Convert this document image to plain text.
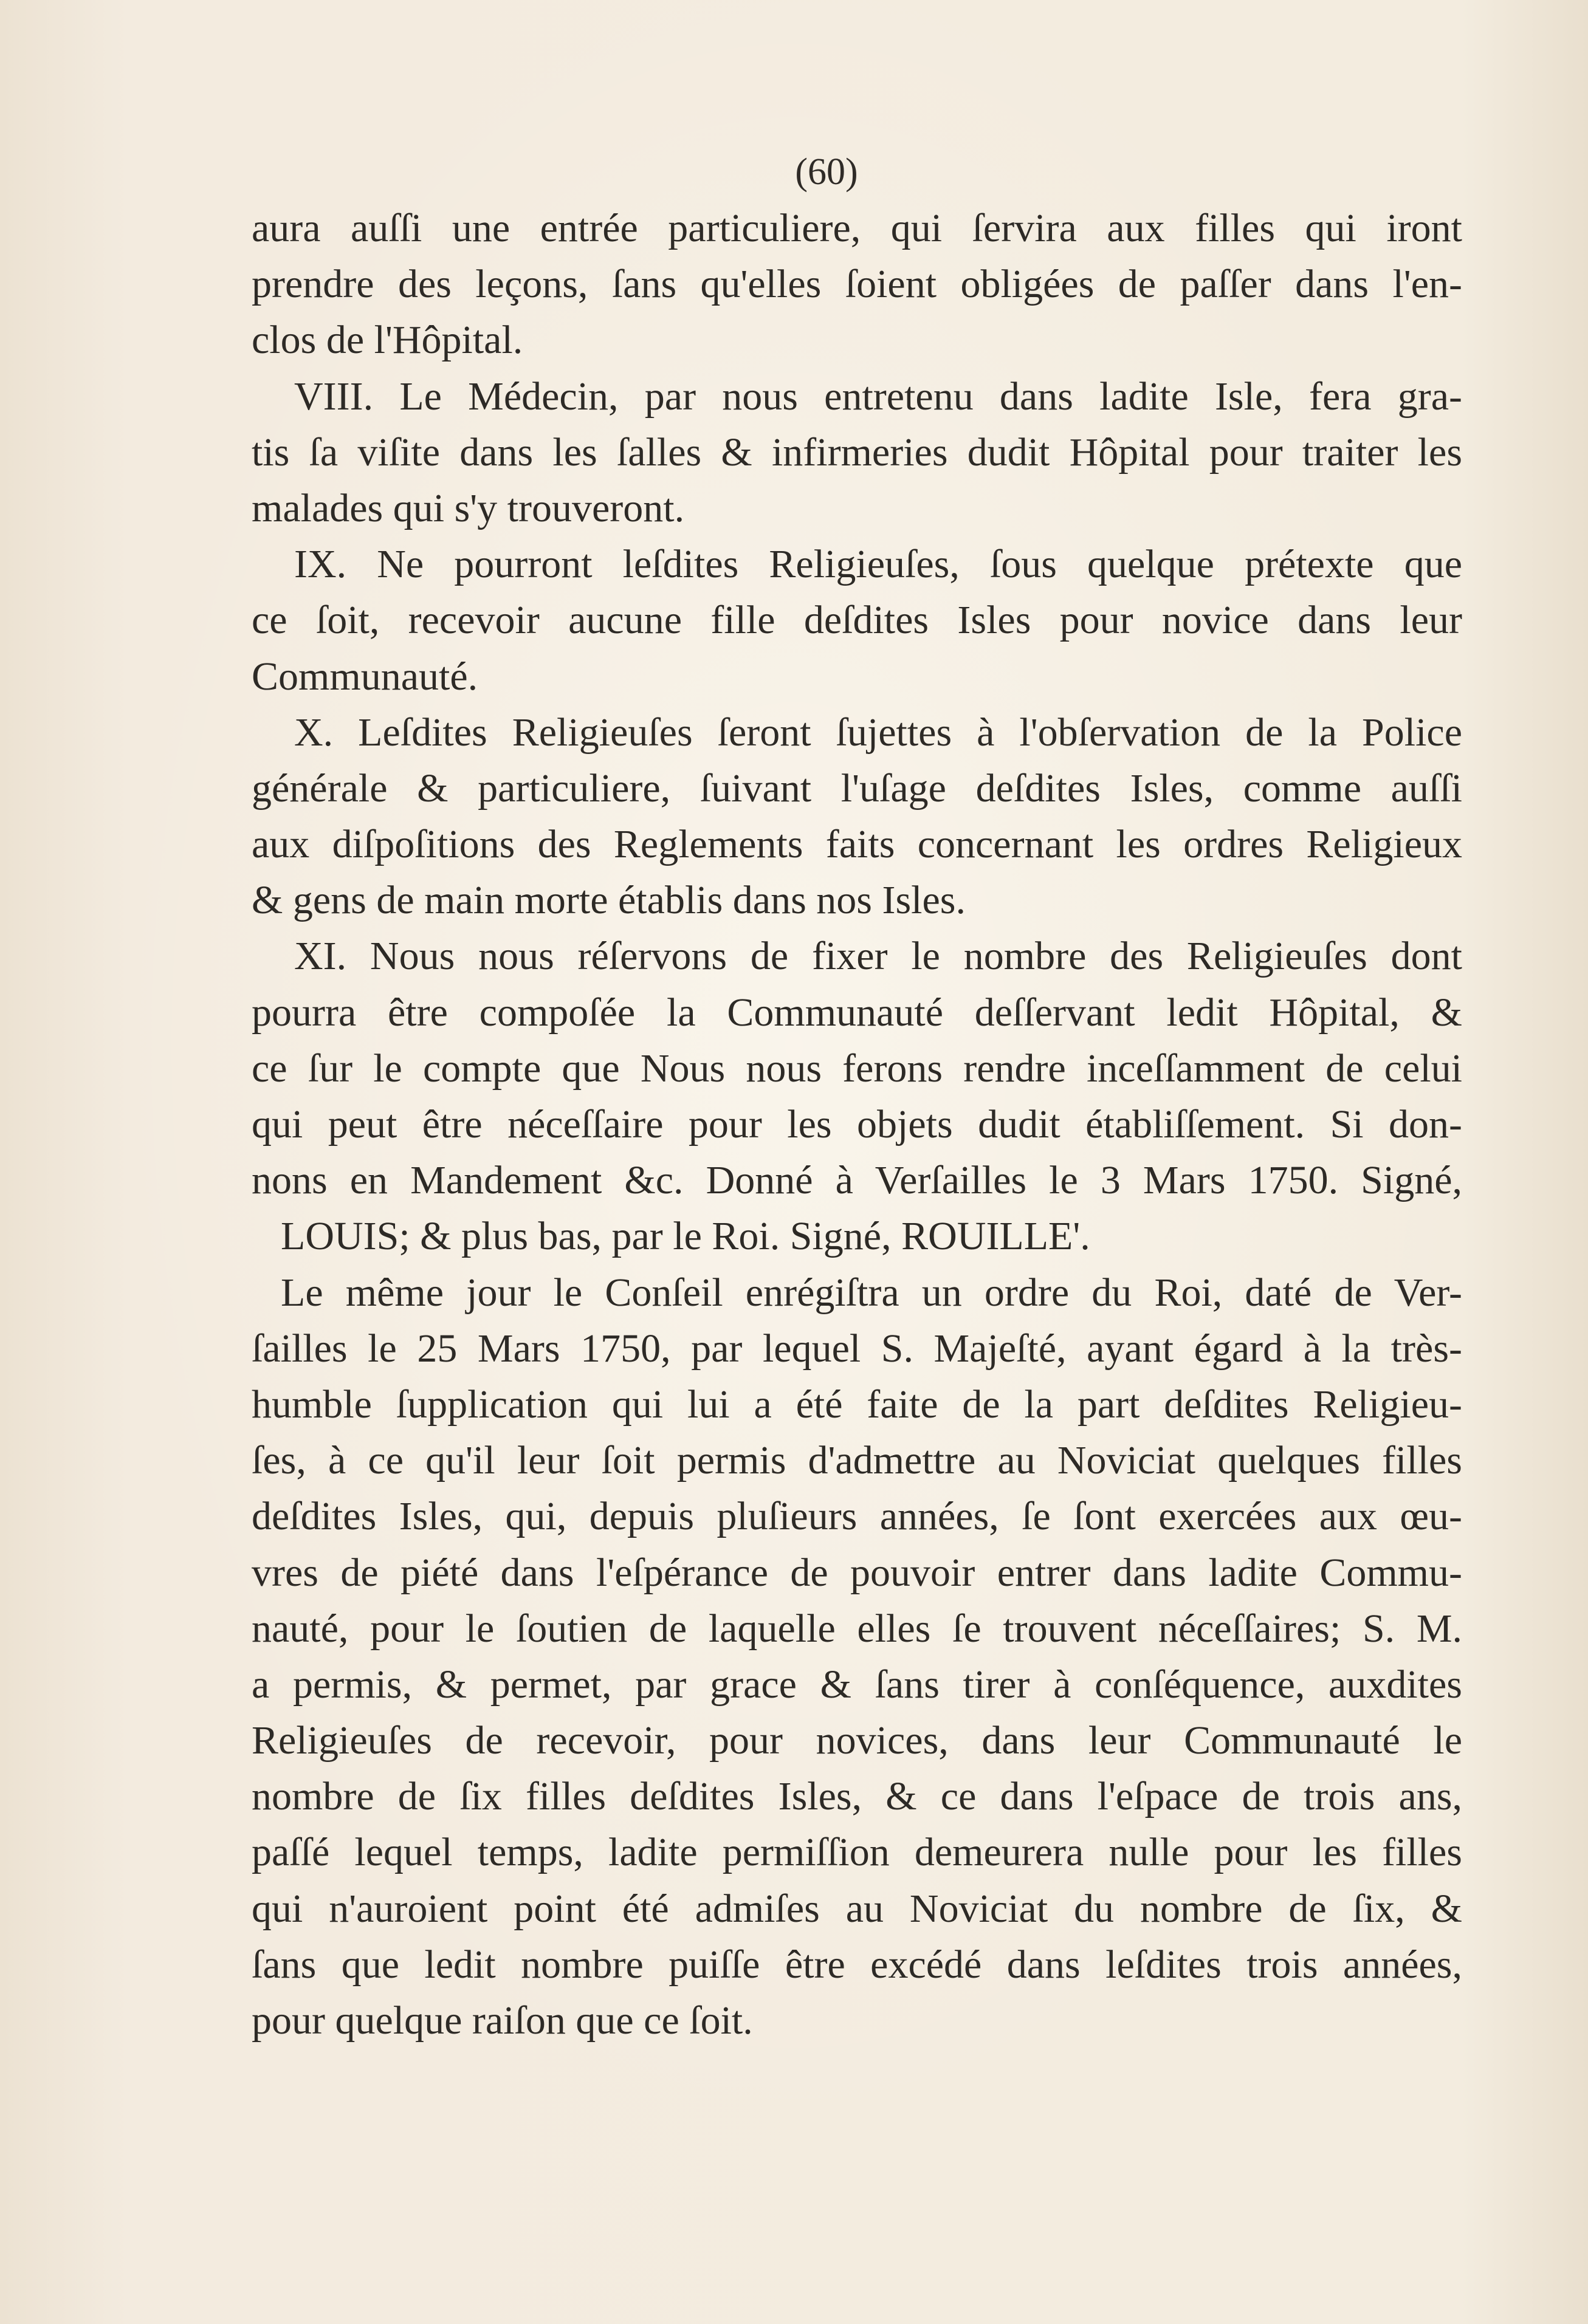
(60)
aura auſſi une entrée particuliere, qui ſervira aux filles qui iront
prendre des leçons, ſans qu'elles ſoient obligées de paſſer dans l'en-
clos de l'Hôpital.
VIII. Le Médecin, par nous entretenu dans ladite Isle, fera gra-
tis ſa viſite dans les ſalles & infirmeries dudit Hôpital pour traiter les
malades qui s'y trouveront.
IX. Ne pourront leſdites Religieuſes, ſous quelque prétexte que
ce ſoit, recevoir aucune fille deſdites Isles pour novice dans leur
Communauté.
X. Leſdites Religieuſes ſeront ſujettes à l'obſervation de la Police
générale & particuliere, ſuivant l'uſage deſdites Isles, comme auſſi
aux diſpoſitions des Reglements faits concernant les ordres Religieux
& gens de main morte établis dans nos Isles.
XI. Nous nous réſervons de fixer le nombre des Religieuſes dont
pourra être compoſée la Communauté deſſervant ledit Hôpital, &
ce ſur le compte que Nous nous ferons rendre inceſſamment de celui
qui peut être néceſſaire pour les objets dudit établiſſement. Si don-
nons en Mandement &c. Donné à Verſailles le 3 Mars 1750. Signé,
LOUIS; & plus bas, par le Roi. Signé, ROUILLE'.
Le même jour le Conſeil enrégiſtra un ordre du Roi, daté de Ver-
ſailles le 25 Mars 1750, par lequel S. Majeſté, ayant égard à la très-
humble ſupplication qui lui a été faite de la part deſdites Religieu-
ſes, à ce qu'il leur ſoit permis d'admettre au Noviciat quelques filles
deſdites Isles, qui, depuis pluſieurs années, ſe ſont exercées aux œu-
vres de piété dans l'eſpérance de pouvoir entrer dans ladite Commu-
nauté, pour le ſoutien de laquelle elles ſe trouvent néceſſaires; S. M.
a permis, & permet, par grace & ſans tirer à conſéquence, auxdites
Religieuſes de recevoir, pour novices, dans leur Communauté le
nombre de ſix filles deſdites Isles, & ce dans l'eſpace de trois ans,
paſſé lequel temps, ladite permiſſion demeurera nulle pour les filles
qui n'auroient point été admiſes au Noviciat du nombre de ſix, &
ſans que ledit nombre puiſſe être excédé dans leſdites trois années,
pour quelque raiſon que ce ſoit.
